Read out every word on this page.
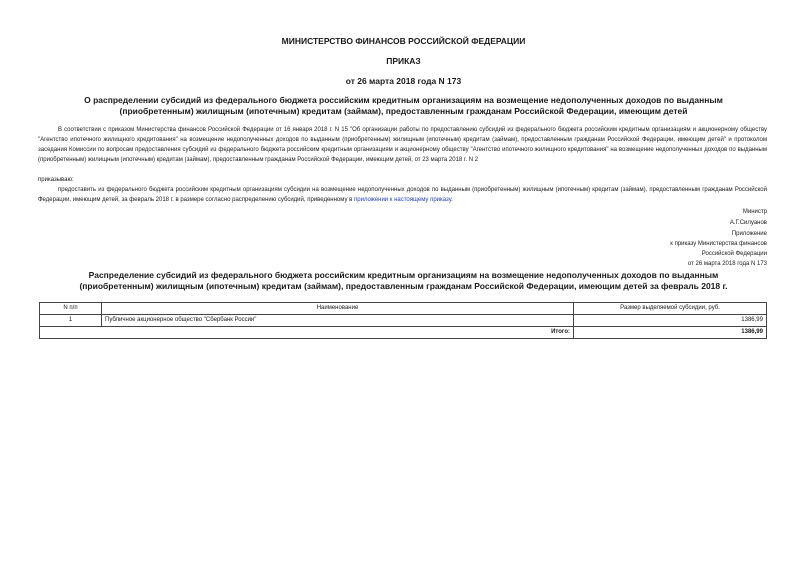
МИНИСТЕРСТВО ФИНАНСОВ РОССИЙСКОЙ ФЕДЕРАЦИИ

ПРИКАЗ

от 26 марта 2018 года N 173

О распределении субсидий из федерального бюджета российским кредитным организациям на возмещение недополученных доходов по выданным (приобретенным) жилищным (ипотечным) кредитам (займам), предоставленным гражданам Российской Федерации, имеющим детей

В соответствии с приказом Министерства финансов Российской Федерации от 16 января 2018 г. N 15 "Об организации работы по предоставлению субсидий из федерального бюджета российским кредитным организациям и акционерному обществу "Агентство ипотечного жилищного кредитования" на возмещение недополученных доходов по выданным (приобретенным) жилищным (ипотечным) кредитам (займам), предоставленным гражданам Российской Федерации, имеющим детей" и протоколом заседания Комиссии по вопросам предоставления субсидий из федерального бюджета российским кредитным организациям и акционерному обществу "Агентство ипотечного жилищного кредитования" на возмещение недополученных доходов по выданным (приобретенным) жилищным (ипотечным) кредитам (займам), предоставленным гражданам Российской Федерации, имеющим детей, от 23 марта 2018 г. N 2

приказываю:

предоставить из федерального бюджета российским кредитным организациям субсидии на возмещение недополученных доходов по выданным (приобретенным) жилищным (ипотечным) кредитам (займам), предоставленным гражданам Российской Федерации, имеющим детей, за февраль 2018 г. в размере согласно распределению субсидий, приведенному в приложении к настоящему приказу.

Министр

А.Г.Силуанов

Приложение

к приказу Министерства финансов

Российской Федерации

от 26 марта 2018 года N 173

Распределение субсидий из федерального бюджета российским кредитным организациям на возмещение недополученных доходов по выданным (приобретенным) жилищным (ипотечным) кредитам (займам), предоставленным гражданам Российской Федерации, имеющим детей за февраль 2018 г.

N п/п	Наименование	Размер выделяемой субсидии, руб.
1	Публичное акционерное общество "Сбербанк России"	1386,99
Итого:		1386,99
